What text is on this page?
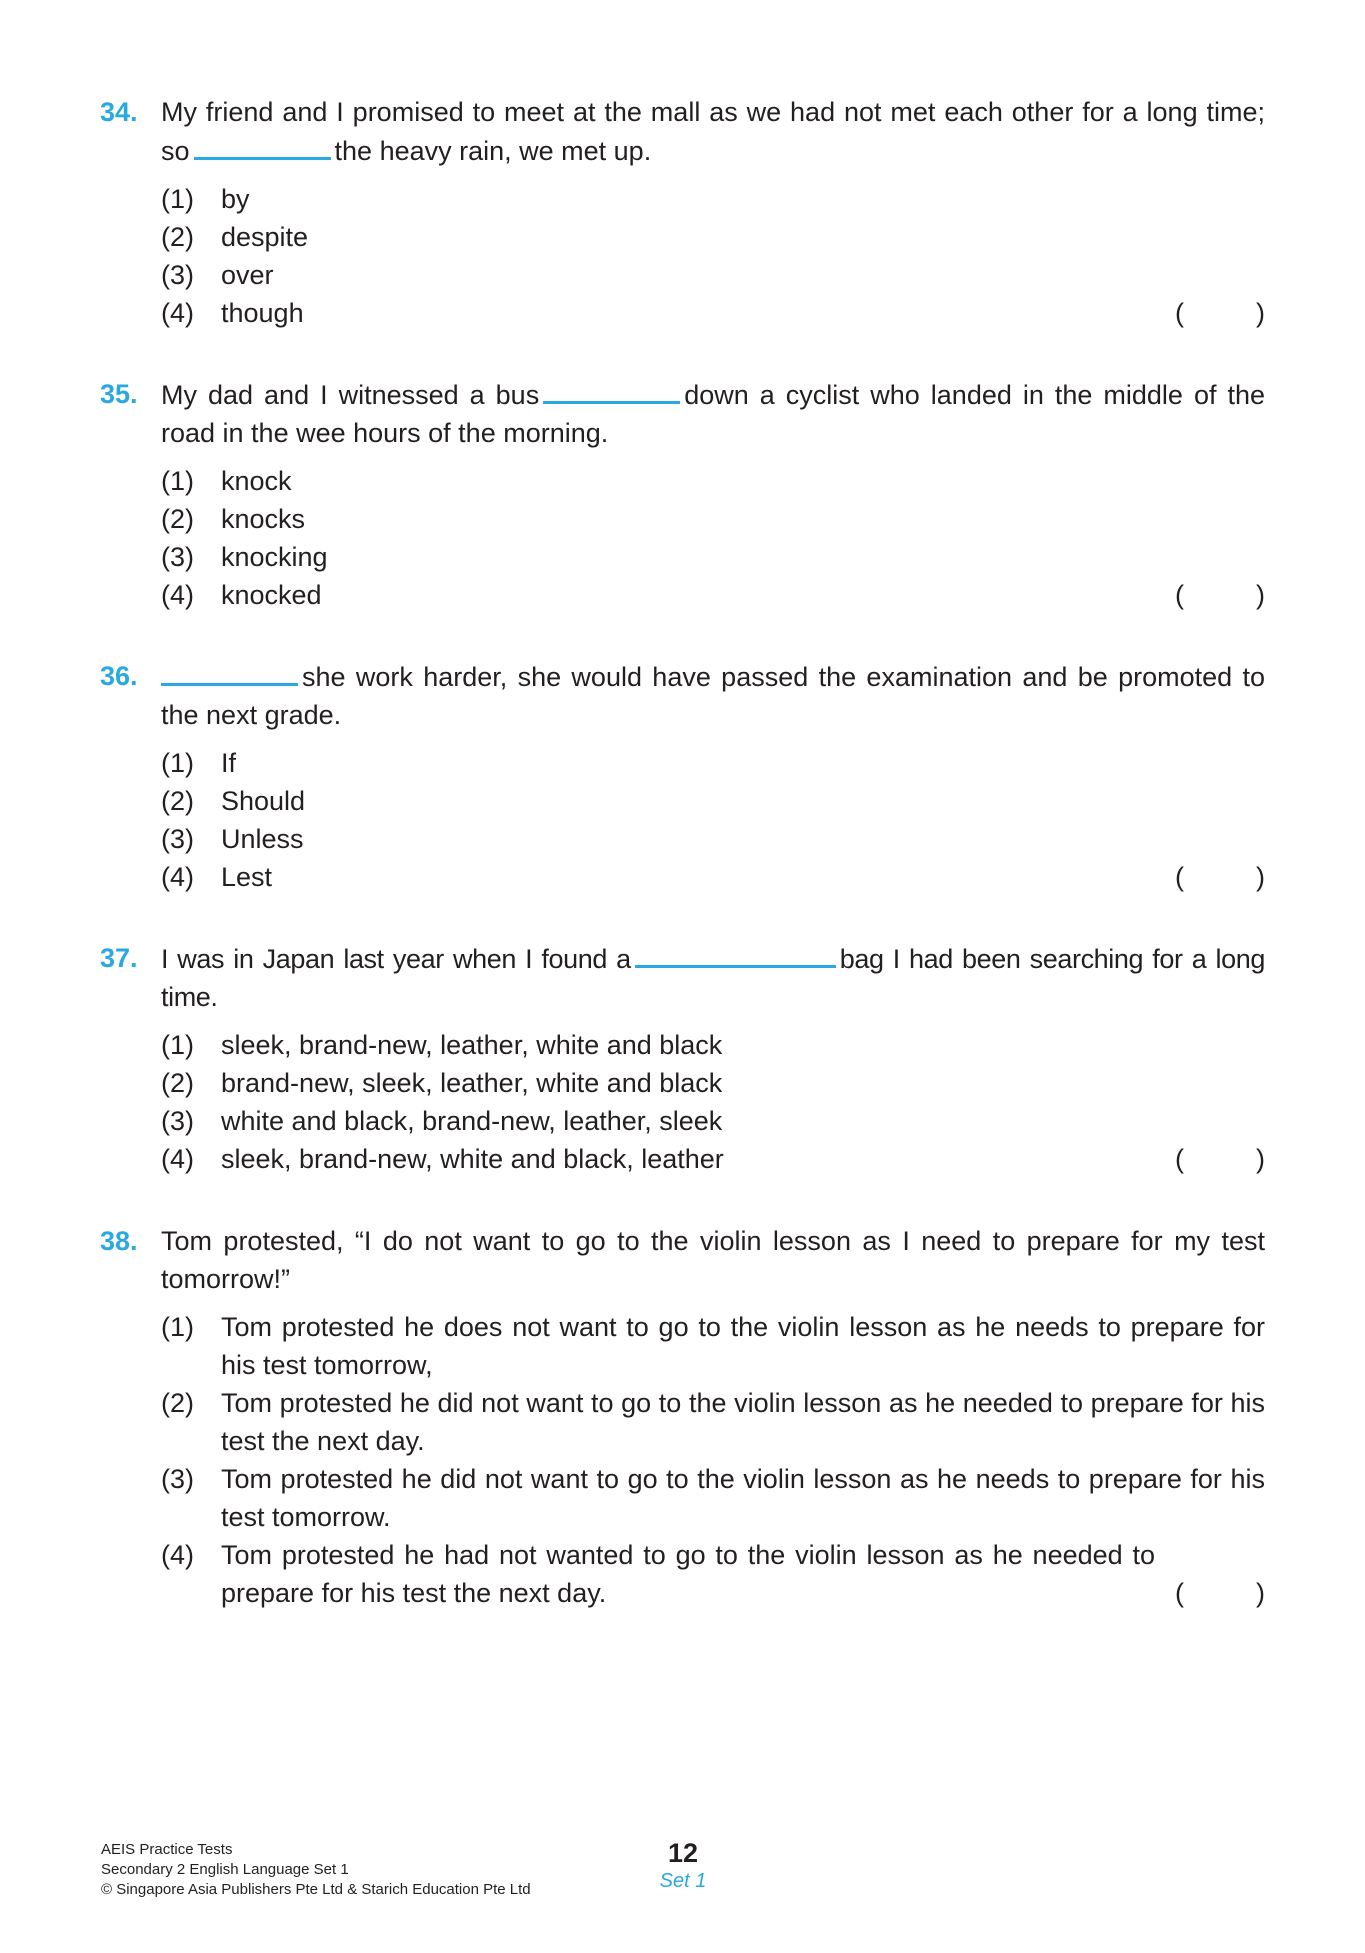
34. My friend and I promised to meet at the mall as we had not met each other for a long time; so	the heavy rain, we met up.
(1) by
(2) despite
(3) over
(4) though	(	)
35. My dad and I witnessed a bus	down a cyclist who landed in the middle of the road in the wee hours of the morning.
(1) knock
(2) knocks
(3) knocking
(4) knocked	(	)
36.	she work harder, she would have passed the examination and be promoted to the next grade.
(1) If
(2) Should
(3) Unless
(4) Lest	(	)
37. I was in Japan last year when I found a	bag I had been searching for a long time.
(1) sleek, brand-new, leather, white and black
(2) brand-new, sleek, leather, white and black
(3) white and black, brand-new, leather, sleek
(4) sleek, brand-new, white and black, leather	(	)
38. Tom protested, “I do not want to go to the violin lesson as I need to prepare for my test tomorrow!”
(1) Tom protested he does not want to go to the violin lesson as he needs to prepare for his test tomorrow,
(2) Tom protested he did not want to go to the violin lesson as he needed to prepare for his test the next day.
(3) Tom protested he did not want to go to the violin lesson as he needs to prepare for his test tomorrow.
(4) Tom protested he had not wanted to go to the violin lesson as he needed to prepare for his test the next day.	(	)
AEIS Practice Tests
Secondary 2 English Language Set 1
© Singapore Asia Publishers Pte Ltd & Starich Education Pte Ltd
12
Set 1
